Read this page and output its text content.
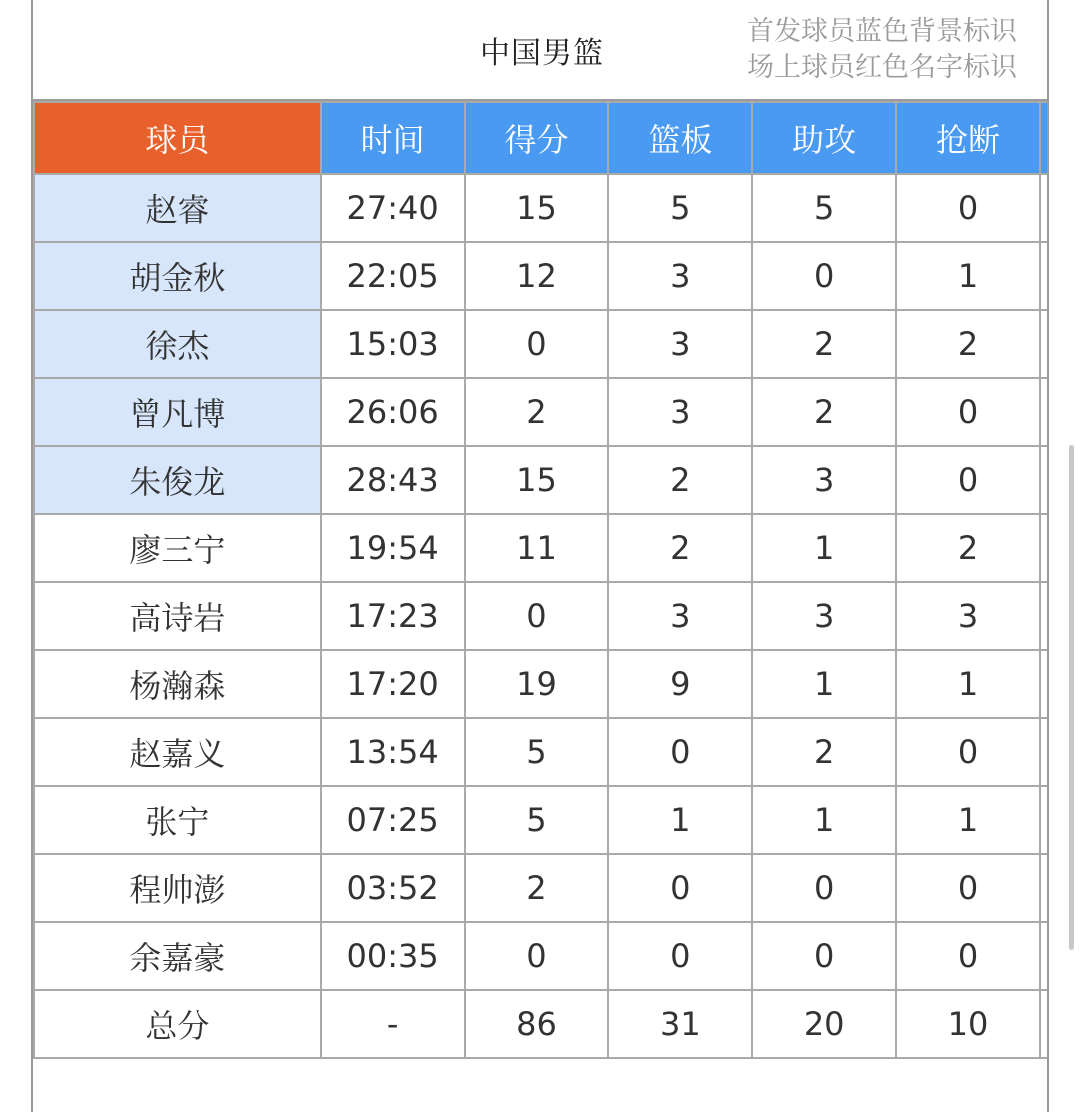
中国男篮
首发球员蓝色背景标识
场上球员红色名字标识
球员	时间	得分	篮板	助攻	抢断	
赵睿	27:40	15	5	5	0	
胡金秋	22:05	12	3	0	1	
徐杰	15:03	0	3	2	2	
曾凡博	26:06	2	3	2	0	
朱俊龙	28:43	15	2	3	0	
廖三宁	19:54	11	2	1	2	
高诗岩	17:23	0	3	3	3	
杨瀚森	17:20	19	9	1	1	
赵嘉义	13:54	5	0	2	0	
张宁	07:25	5	1	1	1	
程帅澎	03:52	2	0	0	0	
余嘉豪	00:35	0	0	0	0	
总分	-	86	31	20	10	
